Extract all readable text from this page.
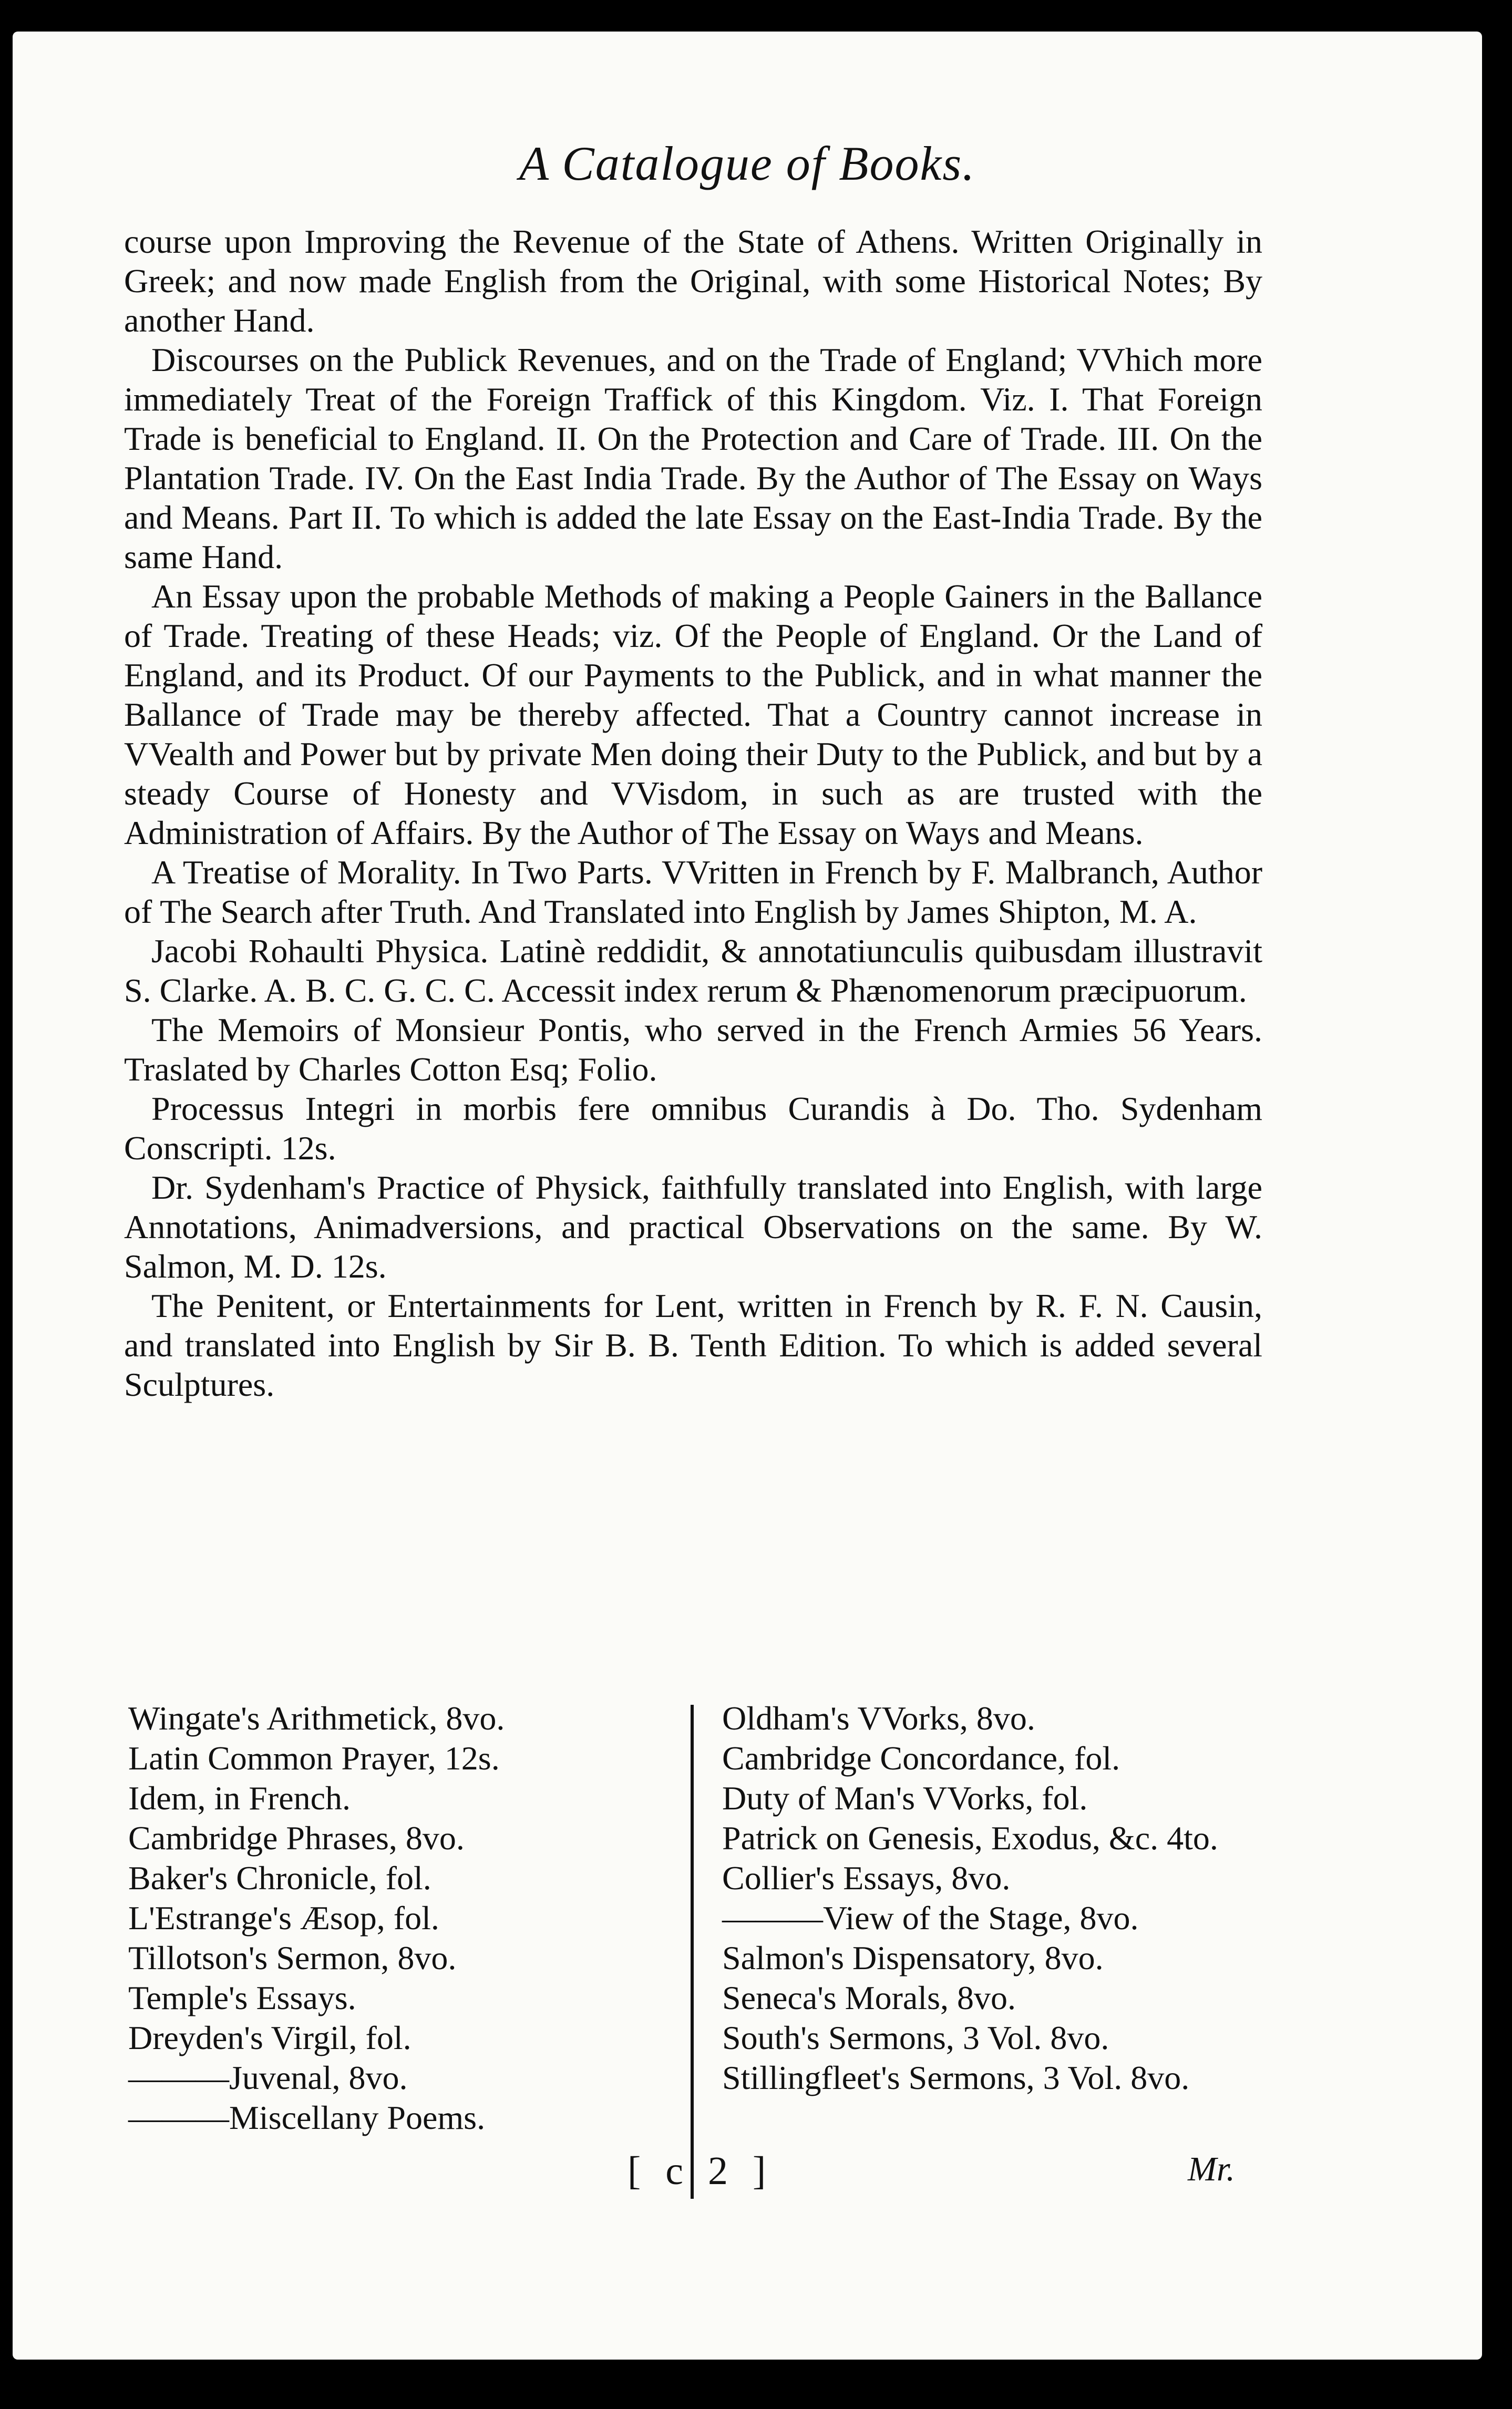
A Catalogue of Books.

course upon Improving the Revenue of the State of Athens. Written Originally in Greek; and now made English from the Original, with some Historical Notes; By another Hand.

Discourses on the Publick Revenues, and on the Trade of England; VVhich more immediately Treat of the Foreign Traffick of this Kingdom. Viz. I. That Foreign Trade is beneficial to England. II. On the Protection and Care of Trade. III. On the Plantation Trade. IV. On the East India Trade. By the Author of The Essay on Ways and Means. Part II. To which is added the late Essay on the East-India Trade. By the same Hand.

An Essay upon the probable Methods of making a People Gainers in the Ballance of Trade. Treating of these Heads; viz. Of the People of England. Or the Land of England, and its Product. Of our Payments to the Publick, and in what manner the Ballance of Trade may be thereby affected. That a Country cannot increase in VVealth and Power but by private Men doing their Duty to the Publick, and but by a steady Course of Honesty and VVisdom, in such as are trusted with the Administration of Affairs. By the Author of The Essay on Ways and Means.

A Treatise of Morality. In Two Parts. VVritten in French by F. Malbranch, Author of The Search after Truth. And Translated into English by James Shipton, M. A.

Jacobi Rohaulti Physica. Latinè reddidit, & annotatiunculis quibusdam illustravit S. Clarke. A. B. C. G. C. C. Accessit index rerum & Phænomenorum præcipuorum.

The Memoirs of Monsieur Pontis, who served in the French Armies 56 Years. Traslated by Charles Cotton Esq; Folio.

Processus Integri in morbis fere omnibus Curandis à Do. Tho. Sydenham Conscripti. 12s.

Dr. Sydenham's Practice of Physick, faithfully translated into English, with large Annotations, Animadversions, and practical Observations on the same. By W. Salmon, M. D. 12s.

The Penitent, or Entertainments for Lent, written in French by R. F. N. Causin, and translated into English by Sir B. B. Tenth Edition. To which is added several Sculptures.

Wingate's Arithmetick, 8vo.
Latin Common Prayer, 12s.
Idem, in French.
Cambridge Phrases, 8vo.
Baker's Chronicle, fol.
L'Estrange's Æsop, fol.
Tillotson's Sermon, 8vo.
Temple's Essays.
Dreyden's Virgil, fol.
———Juvenal, 8vo.
———Miscellany Poems.
Oldham's VVorks, 8vo.
Cambridge Concordance, fol.
Duty of Man's VVorks, fol.
Patrick on Genesis, Exodus, &c. 4to.
Collier's Essays, 8vo.
———View of the Stage, 8vo.
Salmon's Dispensatory, 8vo.
Seneca's Morals, 8vo.
South's Sermons, 3 Vol. 8vo.
Stillingfleet's Sermons, 3 Vol. 8vo.
[ c 2 ]	Mr.
